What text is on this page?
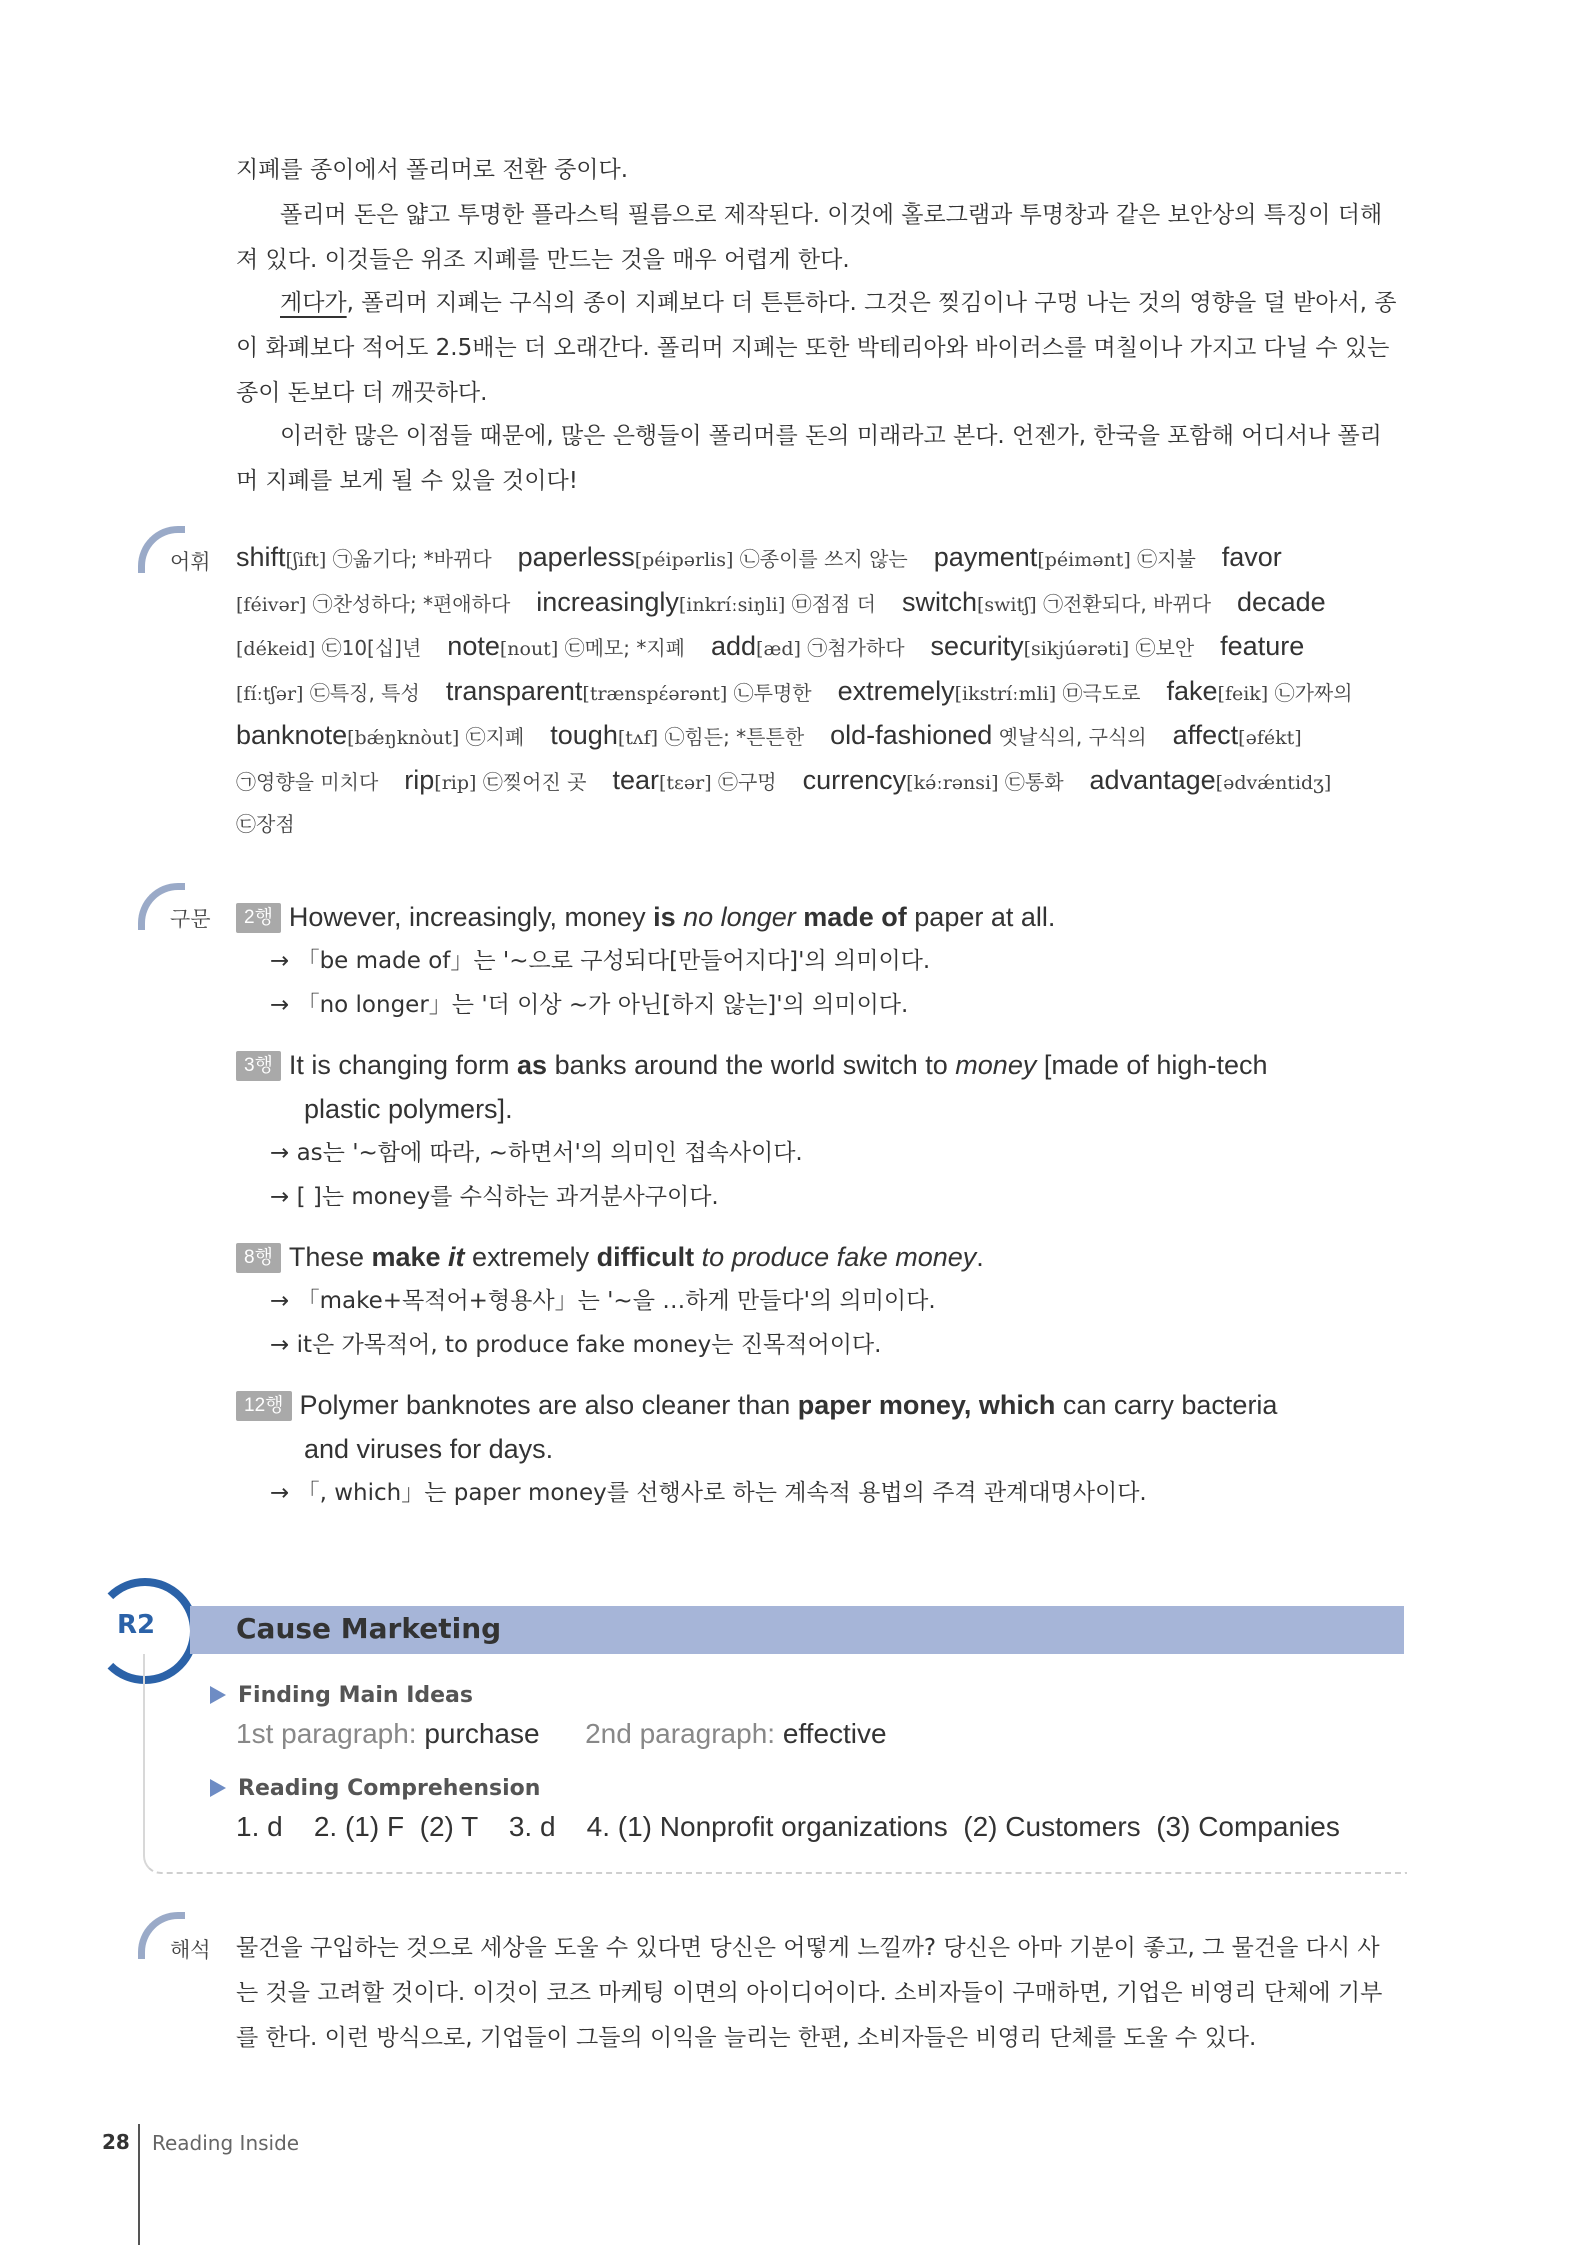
지폐를 종이에서 폴리머로 전환 중이다.

폴리머 돈은 얇고 투명한 플라스틱 필름으로 제작된다. 이것에 홀로그램과 투명창과 같은 보안상의 특징이 더해져 있다. 이것들은 위조 지폐를 만드는 것을 매우 어렵게 한다.

게다가, 폴리머 지폐는 구식의 종이 지폐보다 더 튼튼하다. 그것은 찢김이나 구멍 나는 것의 영향을 덜 받아서, 종이 화폐보다 적어도 2.5배는 더 오래간다. 폴리머 지폐는 또한 박테리아와 바이러스를 며칠이나 가지고 다닐 수 있는 종이 돈보다 더 깨끗하다.

이러한 많은 이점들 때문에, 많은 은행들이 폴리머를 돈의 미래라고 본다. 언젠가, 한국을 포함해 어디서나 폴리머 지폐를 보게 될 수 있을 것이다!

어휘 shift[ʃift] ㉠옮기다; *바뀌다 paperless[péipərlis] ㉡종이를 쓰지 않는 payment[péimənt] ㉢지불 favor
[féivər] ㉠찬성하다; *편애하다 increasingly[inkríːsiŋli] ㉤점점 더 switch[switʃ] ㉠전환되다, 바뀌다 decade
[dékeid] ㉢10[십]년 note[nout] ㉢메모; *지폐 add[æd] ㉠첨가하다 security[sikjúərəti] ㉢보안 feature
[fíːtʃər] ㉢특징, 특성 transparent[trænspέərənt] ㉡투명한 extremely[ikstríːmli] ㉤극도로 fake[feik] ㉡가짜의
banknote[bǽŋknòut] ㉢지폐 tough[tʌf] ㉡힘든; *튼튼한 old-fashioned 옛날식의, 구식의 affect[əfékt]
㉠영향을 미치다 rip[rip] ㉢찢어진 곳 tear[tεər] ㉢구멍 currency[kə́ːrənsi] ㉢통화 advantage[ədvǽntidʒ]
㉢장점
구문	2행 However, increasingly, money is no longer made of paper at all.

→ 「be made of」는 '~으로 구성되다[만들어지다]'의 의미이다.

→ 「no longer」는 '더 이상 ~가 아닌[하지 않는]'의 의미이다.

3행 It is changing form as banks around the world switch to money [made of high-tech

plastic polymers].

→ as는 '~함에 따라, ~하면서'의 의미인 접속사이다.

→ [ ]는 money를 수식하는 과거분사구이다.

8행 These make it extremely difficult to produce fake money.

→ 「make+목적어+형용사」는 '~을 …하게 만들다'의 의미이다.

→ it은 가목적어, to produce fake money는 진목적어이다.

12행 Polymer banknotes are also cleaner than paper money, which can carry bacteria

and viruses for days.

→ 「, which」는 paper money를 선행사로 하는 계속적 용법의 주격 관계대명사이다.

R2	Cause Marketing
Finding Main Ideas
1st paragraph: purchase 2nd paragraph: effective
Reading Comprehension
1. d    2. (1) F  (2) T    3. d    4. (1) Nonprofit organizations  (2) Customers  (3) Companies
해석 물건을 구입하는 것으로 세상을 도울 수 있다면 당신은 어떻게 느낄까? 당신은 아마 기분이 좋고, 그 물건을 다시 사는 것을 고려할 것이다. 이것이 코즈 마케팅 이면의 아이디어이다. 소비자들이 구매하면, 기업은 비영리 단체에 기부를 한다. 이런 방식으로, 기업들이 그들의 이익을 늘리는 한편, 소비자들은 비영리 단체를 도울 수 있다.

28 Reading Inside
